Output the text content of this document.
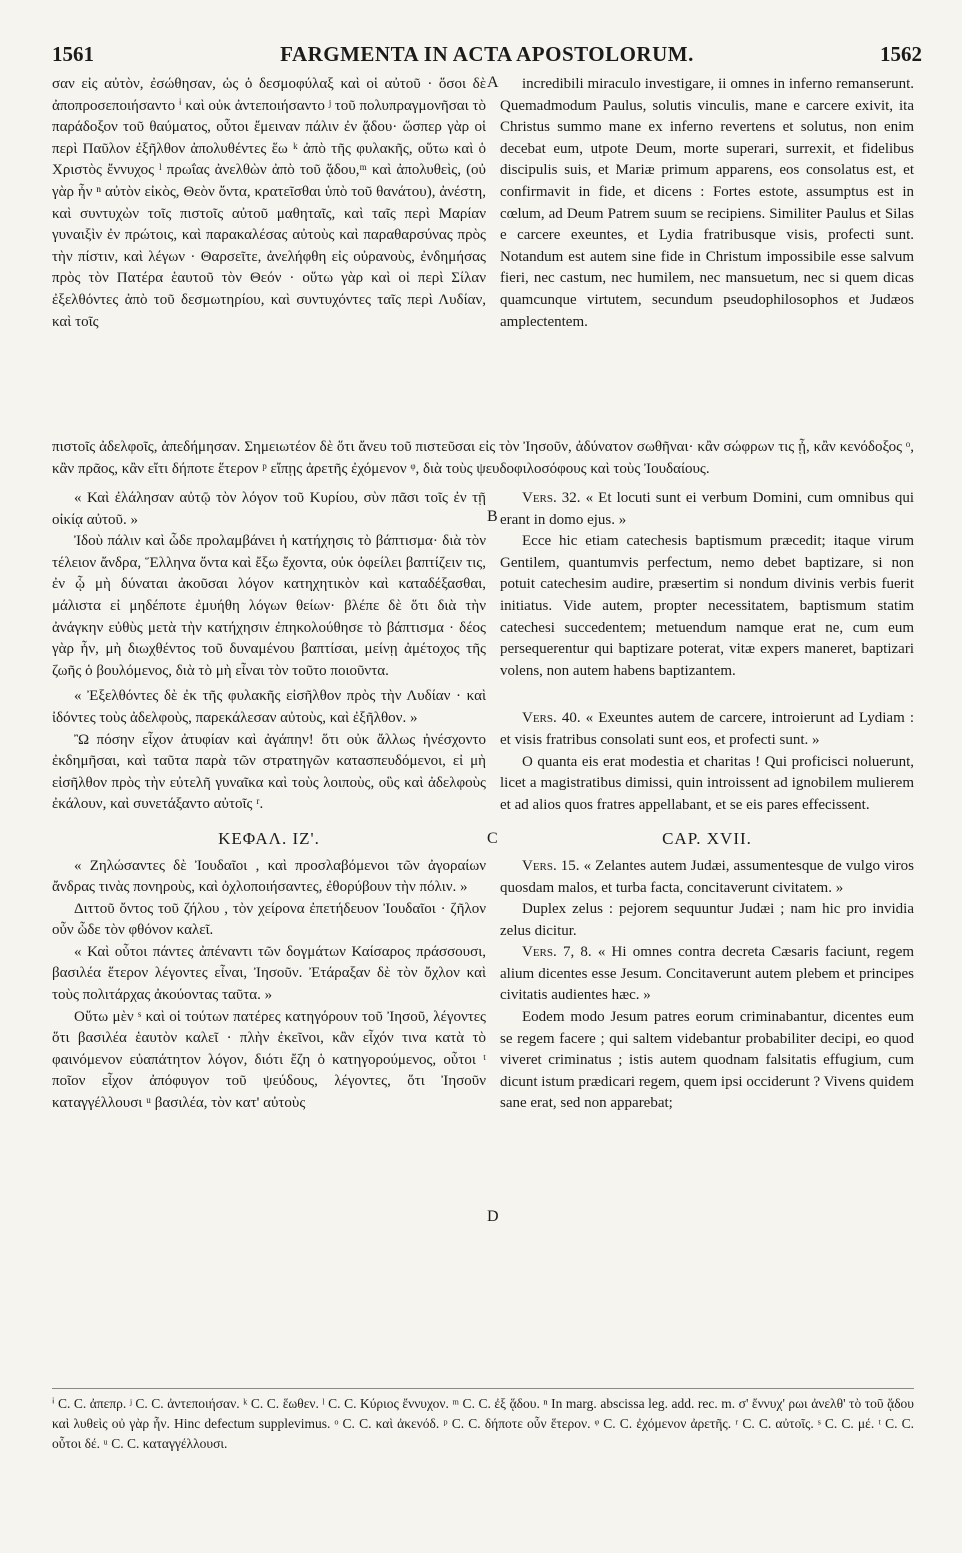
1561	FARGMENTA IN ACTA APOSTOLORUM.	1562
A
B
C
D

σαν εἰς αὐτὸν, ἐσώθησαν, ὡς ὁ δεσμοφύλαξ καὶ οἱ αὐτοῦ · ὅσοι δὲ ἀποπροσεποιήσαντο ⁱ καὶ οὐκ ἀντεποιήσαντο ʲ τοῦ πολυπραγμονῆσαι τὸ παράδοξον τοῦ θαύματος, οὗτοι ἔμειναν πάλιν ἐν ᾅδου· ὥσπερ γὰρ οἱ περὶ Παῦλον ἐξῆλθον ἀπολυθέντες ἕω ᵏ ἀπὸ τῆς φυλακῆς, οὕτω καὶ ὁ Χριστὸς ἔννυχος ˡ πρωΐας ἀνελθὼν ἀπὸ τοῦ ᾅδου,ᵐ καὶ ἀπολυθεὶς, (οὐ γὰρ ἦν ⁿ αὐτὸν εἰκὸς, Θεὸν ὄντα, κρατεῖσθαι ὑπὸ τοῦ θανάτου), ἀνέστη, καὶ συντυχὼν τοῖς πιστοῖς αὐτοῦ μαθηταῖς, καὶ ταῖς περὶ Μαρίαν γυναιξὶν ἐν πρώτοις, καὶ παρακαλέσας αὐτοὺς καὶ παραθαρσύνας πρὸς τὴν πίστιν, καὶ λέγων · Θαρσεῖτε, ἀνελήφθη εἰς οὐρανοὺς, ἐνδημήσας πρὸς τὸν Πατέρα ἑαυτοῦ τὸν Θεόν · οὕτω γὰρ καὶ οἱ περὶ Σίλαν ἐξελθόντες ἀπὸ τοῦ δεσμωτηρίου, καὶ συντυχόντες ταῖς περὶ Λυδίαν, καὶ τοῖς

incredibili miraculo investigare, ii omnes in inferno remanserunt. Quemadmodum Paulus, solutis vinculis, mane e carcere exivit, ita Christus summo mane ex inferno revertens et solutus, non enim decebat eum, utpote Deum, morte superari, surrexit, et fidelibus discipulis suis, et Mariæ primum apparens, eos consolatus est, et confirmavit in fide, et dicens : Fortes estote, assumptus est in cœlum, ad Deum Patrem suum se recipiens. Similiter Paulus et Silas e carcere exeuntes, et Lydia fratribusque visis, profecti sunt. Notandum est autem sine fide in Christum impossibile esse salvum fieri, nec castum, nec humilem, nec mansuetum, nec si quem dicas quamcunque virtutem, secundum pseudophilosophos et Judæos amplectentem.

πιστοῖς ἀδελφοῖς, ἀπεδήμησαν. Σημειωτέον δὲ ὅτι ἄνευ τοῦ πιστεῦσαι εἰς τὸν Ἰησοῦν, ἀδύνατον σωθῆναι· κἂν σώφρων τις ᾖ, κἂν κενόδοξος ᵒ, κἂν πρᾶος, κἂν εἴτι δήποτε ἕτερον ᵖ εἴπῃς ἀρετῆς ἐχόμενον ᵠ, διὰ τοὺς ψευδοφιλοσόφους καὶ τοὺς Ἰουδαίους.

« Καὶ ἐλάλησαν αὐτῷ τὸν λόγον τοῦ Κυρίου, σὺν πᾶσι τοῖς ἐν τῇ οἰκίᾳ αὐτοῦ. »

Ἰδοὺ πάλιν καὶ ὧδε προλαμβάνει ἡ κατήχησις τὸ βάπτισμα· διὰ τὸν τέλειον ἄνδρα, Ἕλληνα ὄντα καὶ ἔξω ἔχοντα, οὐκ ὀφείλει βαπτίζειν τις, ἐν ᾧ μὴ δύναται ἀκοῦσαι λόγον κατηχητικὸν καὶ καταδέξασθαι, μάλιστα εἰ μηδέποτε ἐμυήθη λόγων θείων· βλέπε δὲ ὅτι διὰ τὴν ἀνάγκην εὐθὺς μετὰ τὴν κατήχησιν ἐπηκολούθησε τὸ βάπτισμα · δέος γὰρ ἦν, μὴ διωχθέντος τοῦ δυναμένου βαπτίσαι, μείνῃ ἀμέτοχος τῆς ζωῆς ὁ βουλόμενος, διὰ τὸ μὴ εἶναι τὸν τοῦτο ποιοῦντα.

« Ἐξελθόντες δὲ ἐκ τῆς φυλακῆς εἰσῆλθον πρὸς τὴν Λυδίαν · καὶ ἰδόντες τοὺς ἀδελφοὺς, παρεκάλεσαν αὐτοὺς, καὶ ἐξῆλθον. »

Ὢ πόσην εἶχον ἀτυφίαν καὶ ἀγάπην! ὅτι οὐκ ἄλλως ἠνέσχοντο ἐκδημῆσαι, καὶ ταῦτα παρὰ τῶν στρατηγῶν κατασπευδόμενοι, εἰ μὴ εἰσῆλθον πρὸς τὴν εὐτελῆ γυναῖκα καὶ τοὺς λοιποὺς, οὓς καὶ ἀδελφοὺς ἐκάλουν, καὶ συνετάξαντο αὐτοῖς ʳ.

ΚΕΦΑΛ. ΙΖ'.

« Ζηλώσαντες δὲ Ἰουδαῖοι , καὶ προσλαβόμενοι τῶν ἀγοραίων ἄνδρας τινὰς πονηροὺς, καὶ ὀχλοποιήσαντες, ἐθορύβουν τὴν πόλιν. »

Διττοῦ ὄντος τοῦ ζήλου , τὸν χείρονα ἐπετήδευον Ἰουδαῖοι · ζῆλον οὖν ὧδε τὸν φθόνον καλεῖ.

« Καὶ οὗτοι πάντες ἀπέναντι τῶν δογμάτων Καίσαρος πράσσουσι, βασιλέα ἕτερον λέγοντες εἶναι, Ἰησοῦν. Ἐτάραξαν δὲ τὸν ὄχλον καὶ τοὺς πολιτάρχας ἀκούοντας ταῦτα. »

Οὕτω μὲν ˢ καὶ οἱ τούτων πατέρες κατηγόρουν τοῦ Ἰησοῦ, λέγοντες ὅτι βασιλέα ἑαυτὸν καλεῖ · πλὴν ἐκεῖνοι, κἂν εἶχόν τινα κατὰ τὸ φαινόμενον εὐαπάτητον λόγον, διότι ἔζη ὁ κατηγορούμενος, οὗτοι ᵗ ποῖον εἶχον ἀπόφυγον τοῦ ψεύδους, λέγοντες, ὅτι Ἰησοῦν καταγγέλλουσι ᵘ βασιλέα, τὸν κατ' αὐτοὺς

Vers. 32. « Et locuti sunt ei verbum Domini, cum omnibus qui erant in domo ejus. »

Ecce hic etiam catechesis baptismum præcedit; itaque virum Gentilem, quantumvis perfectum, nemo debet baptizare, si non potuit catechesim audire, præsertim si nondum divinis verbis fuerit initiatus. Vide autem, propter necessitatem, baptismum statim catechesi succedentem; metuendum namque erat ne, cum eum persequerentur qui baptizare poterat, vitæ expers maneret, baptizari volens, non autem habens baptizantem.

Vers. 40. « Exeuntes autem de carcere, introierunt ad Lydiam : et visis fratribus consolati sunt eos, et profecti sunt. »

O quanta eis erat modestia et charitas ! Qui proficisci noluerunt, licet a magistratibus dimissi, quin introissent ad ignobilem mulierem et ad alios quos fratres appellabant, et se eis pares effecissent.

CAP. XVII.

Vers. 15. « Zelantes autem Judæi, assumentesque de vulgo viros quosdam malos, et turba facta, concitaverunt civitatem. »

Duplex zelus : pejorem sequuntur Judæi ; nam hic pro invidia zelus dicitur.

Vers. 7, 8. « Hi omnes contra decreta Cæsaris faciunt, regem alium dicentes esse Jesum. Concitaverunt autem plebem et principes civitatis audientes hæc. »

Eodem modo Jesum patres eorum criminabantur, dicentes eum se regem facere ; qui saltem videbantur probabiliter decipi, eo quod viveret criminatus ; istis autem quodnam falsitatis effugium, cum dicunt istum prædicari regem, quem ipsi occiderunt ? Vivens quidem sane erat, sed non apparebat;

ⁱ C. C. ἀπεπρ. ʲ C. C. ἀντεποιήσαν. ᵏ C. C. ἕωθεν. ˡ C. C. Κύριος ἔννυχον. ᵐ C. C. ἐξ ᾅδου. ⁿ In marg. abscissa leg. add. rec. m. σ' ἔννυχ' ρωι ἀνελθ' τὸ τοῦ ᾅδου καὶ λυθεὶς οὐ γὰρ ἦν. Hinc defectum supplevimus. ᵒ C. C. καὶ ἀκενόδ. ᵖ C. C. δήποτε οὖν ἕτερον. ᵠ C. C. ἐχόμενον ἀρετῆς. ʳ C. C. αὐτοῖς. ˢ C. C. μέ. ᵗ C. C. οὗτοι δέ. ᵘ C. C. καταγγέλλουσι.
